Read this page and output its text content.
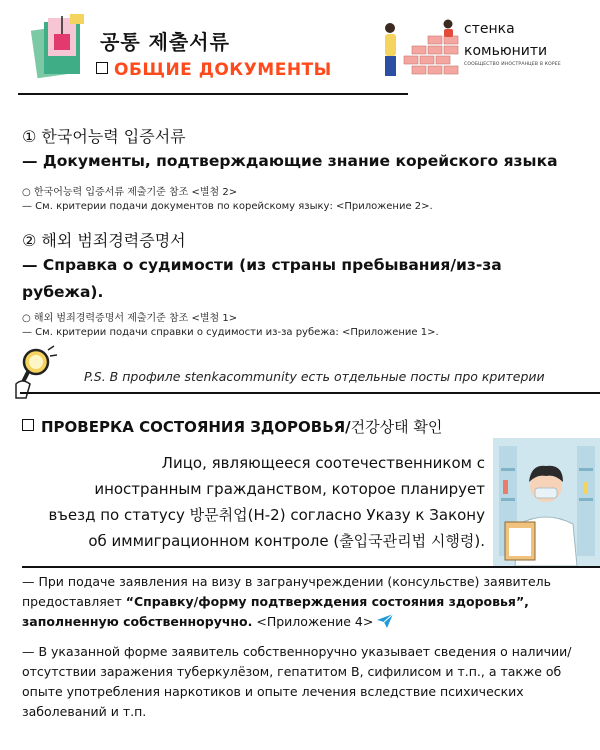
공통 제출서류
ОБЩИЕ ДОКУМЕНТЫ
стенка
комьюнити
СООБЩЕСТВО ИНОСТРАНЦЕВ В КОРЕЕ
① 한국어능력 입증서류
— Документы, подтверждающие знание корейского языка
○ 한국어능력 입증서류 제출기준 참조 <별첨 2>
— См. критерии подачи документов по корейскому языку: <Приложение 2>.
② 해외 범죄경력증명서
— Справка о судимости (из страны пребывания/из-за рубежа).
○ 해외 범죄경력증명서 제출기준 참조 <별첨 1>
— См. критерии подачи справки о судимости из-за рубежа: <Приложение 1>.
P.S. В профиле stenkacommunity есть отдельные посты про критерии
ПРОВЕРКА СОСТОЯНИЯ ЗДОРОВЬЯ/건강상태 확인
Лицо, являющееся соотечественником с
иностранным гражданством, которое планирует
въезд по статусу 방문취업(H-2) согласно Указу к Закону
об иммиграционном контроле (출입국관리법 시행령).
— При подаче заявления на визу в загранучреждении (консульстве) заявитель предоставляет “Справку/форму подтверждения состояния здоровья”, заполненную собственноручно. <Приложение 4>
— В указанной форме заявитель собственноручно указывает сведения о наличии/отсутствии заражения туберкулёзом, гепатитом В, сифилисом и т.п., а также об опыте употребления наркотиков и опыте лечения вследствие психических заболеваний и т.п.
